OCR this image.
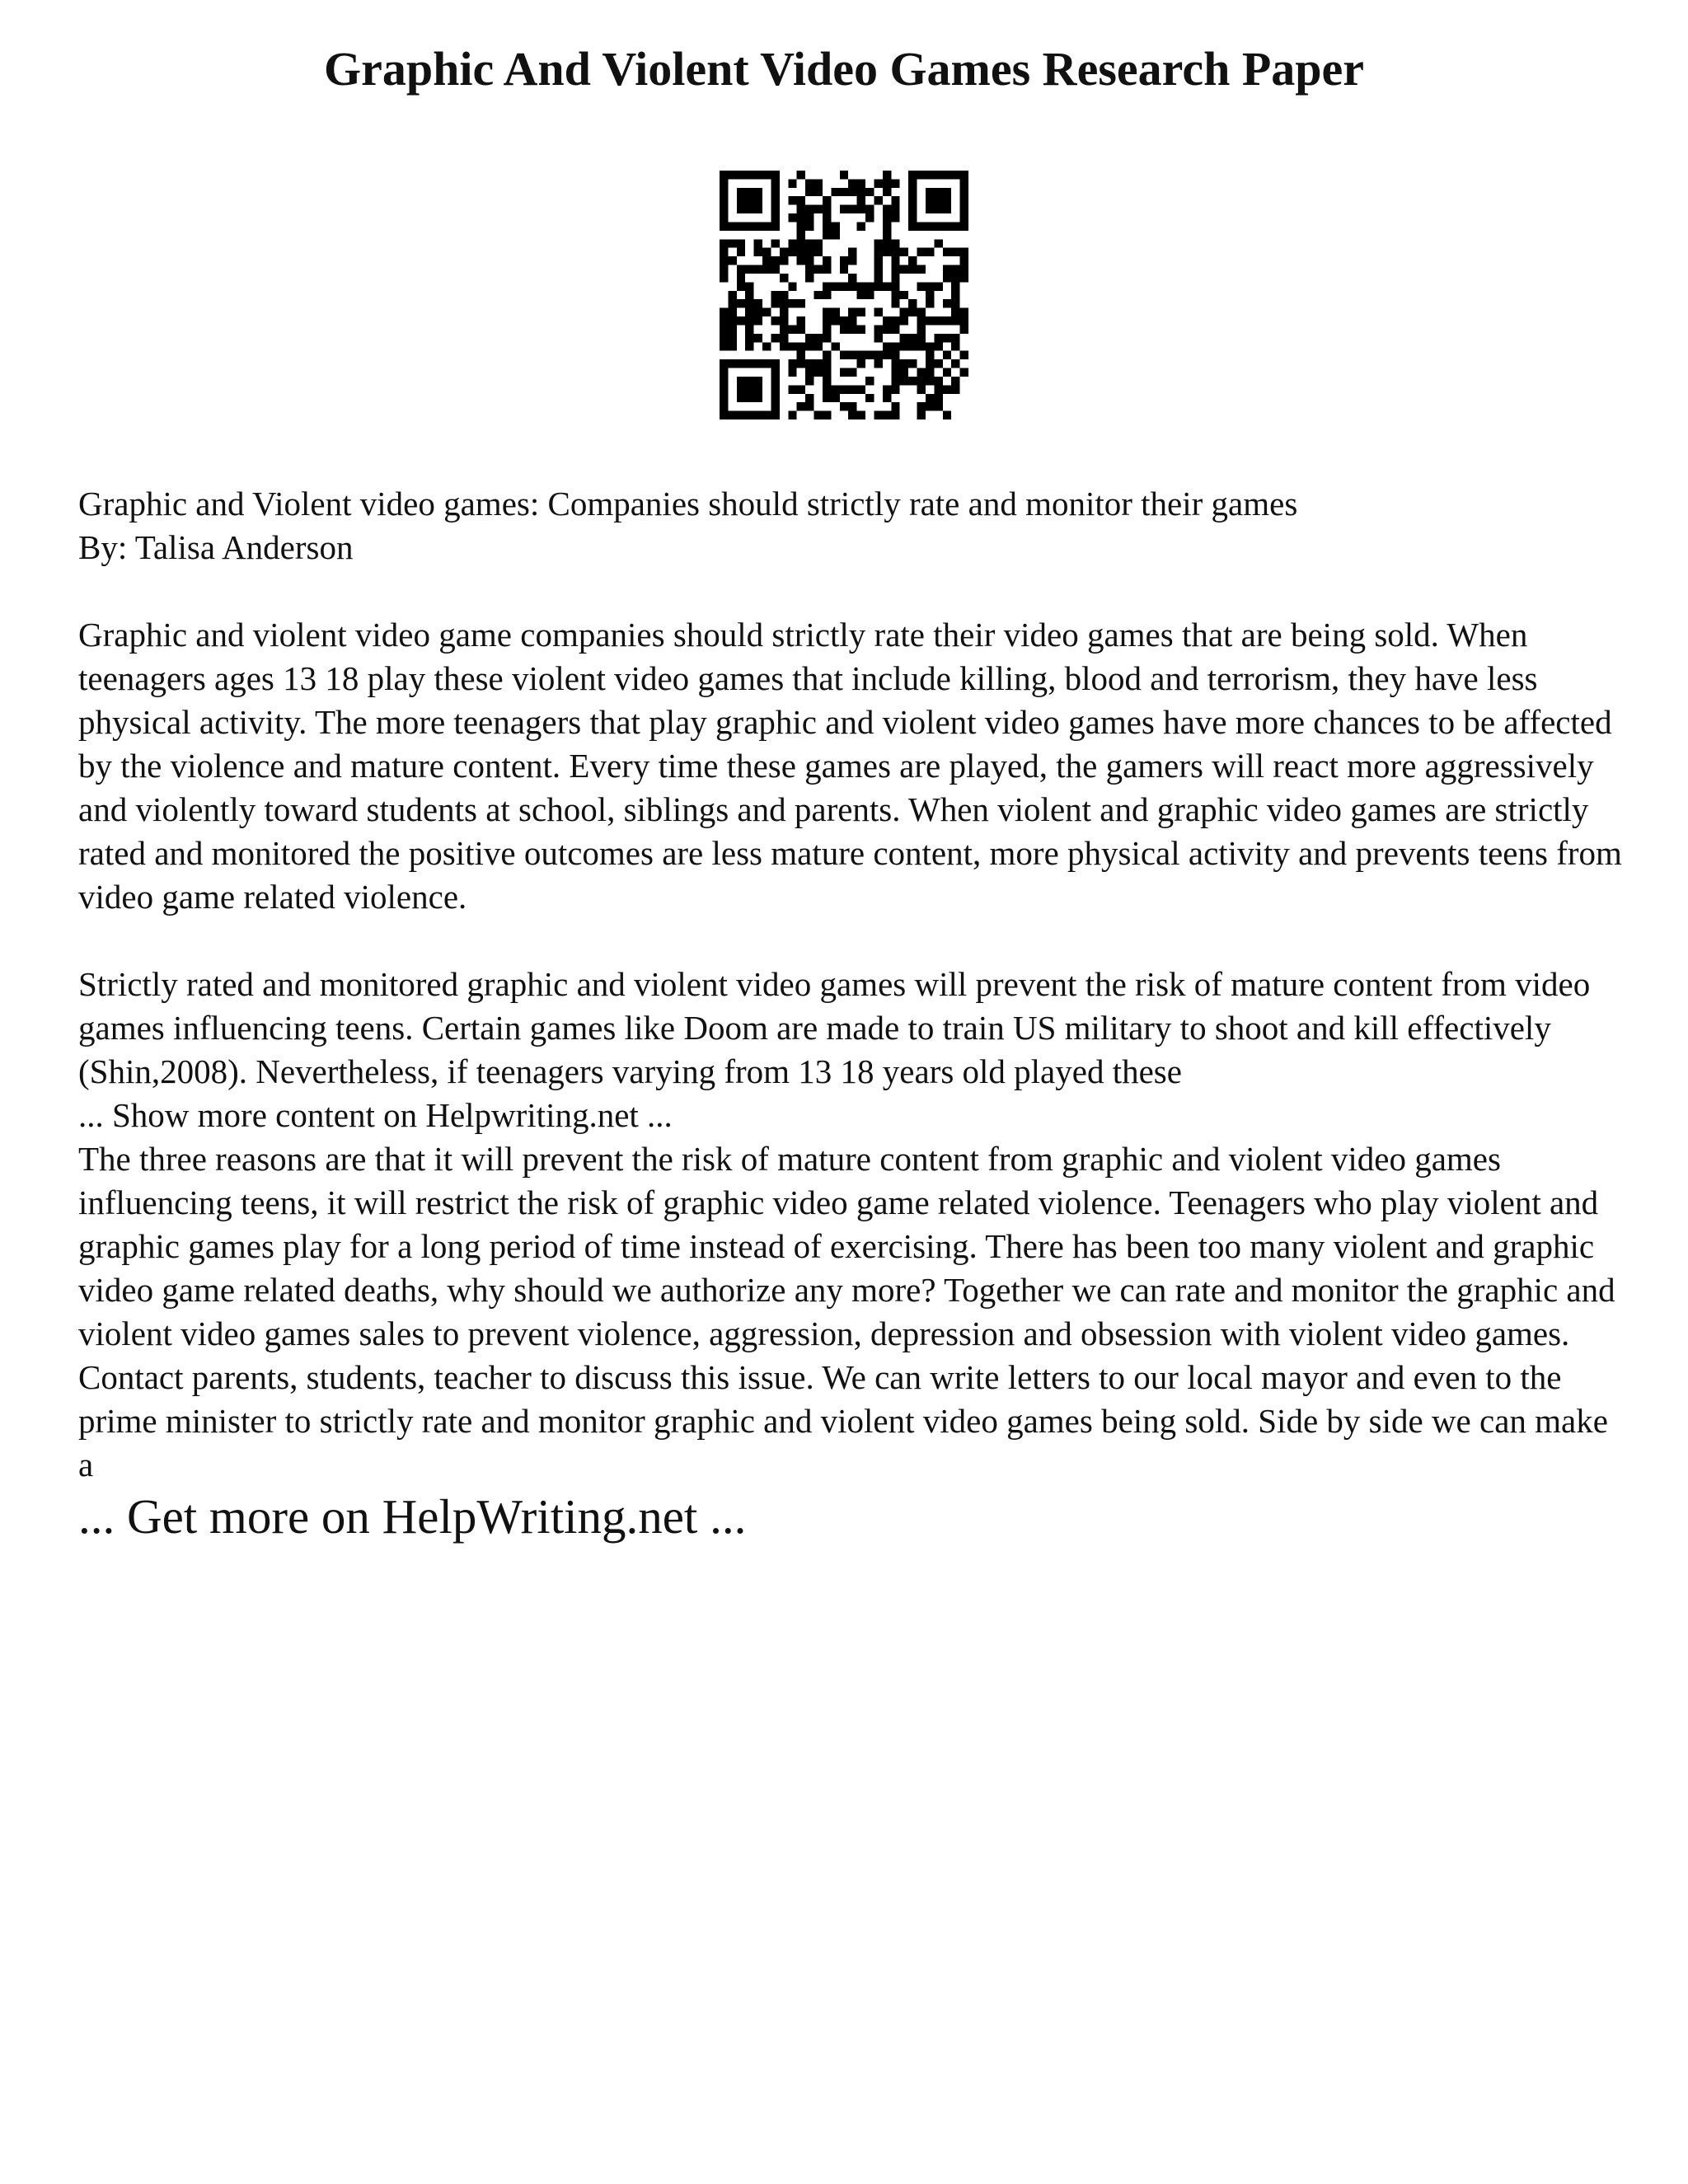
Graphic And Violent Video Games Research Paper

Graphic and Violent video games: Companies should strictly rate and monitor their games

By: Talisa Anderson

Graphic and violent video game companies should strictly rate their video games that are being sold. When teenagers ages 13 18 play these violent video games that include killing, blood and terrorism, they have less physical activity. The more teenagers that play graphic and violent video games have more chances to be affected by the violence and mature content. Every time these games are played, the gamers will react more aggressively and violently toward students at school, siblings and parents. When violent and graphic video games are strictly rated and monitored the positive outcomes are less mature content, more physical activity and prevents teens from video game related violence.

Strictly rated and monitored graphic and violent video games will prevent the risk of mature content from video games influencing teens. Certain games like Doom are made to train US military to shoot and kill effectively (Shin,2008). Nevertheless, if teenagers varying from 13 18 years old played these

... Show more content on Helpwriting.net ...

The three reasons are that it will prevent the risk of mature content from graphic and violent video games influencing teens, it will restrict the risk of graphic video game related violence. Teenagers who play violent and graphic games play for a long period of time instead of exercising. There has been too many violent and graphic video game related deaths, why should we authorize any more? Together we can rate and monitor the graphic and violent video games sales to prevent violence, aggression, depression and obsession with violent video games. Contact parents, students, teacher to discuss this issue. We can write letters to our local mayor and even to the prime minister to strictly rate and monitor graphic and violent video games being sold. Side by side we can make a

... Get more on HelpWriting.net ...
